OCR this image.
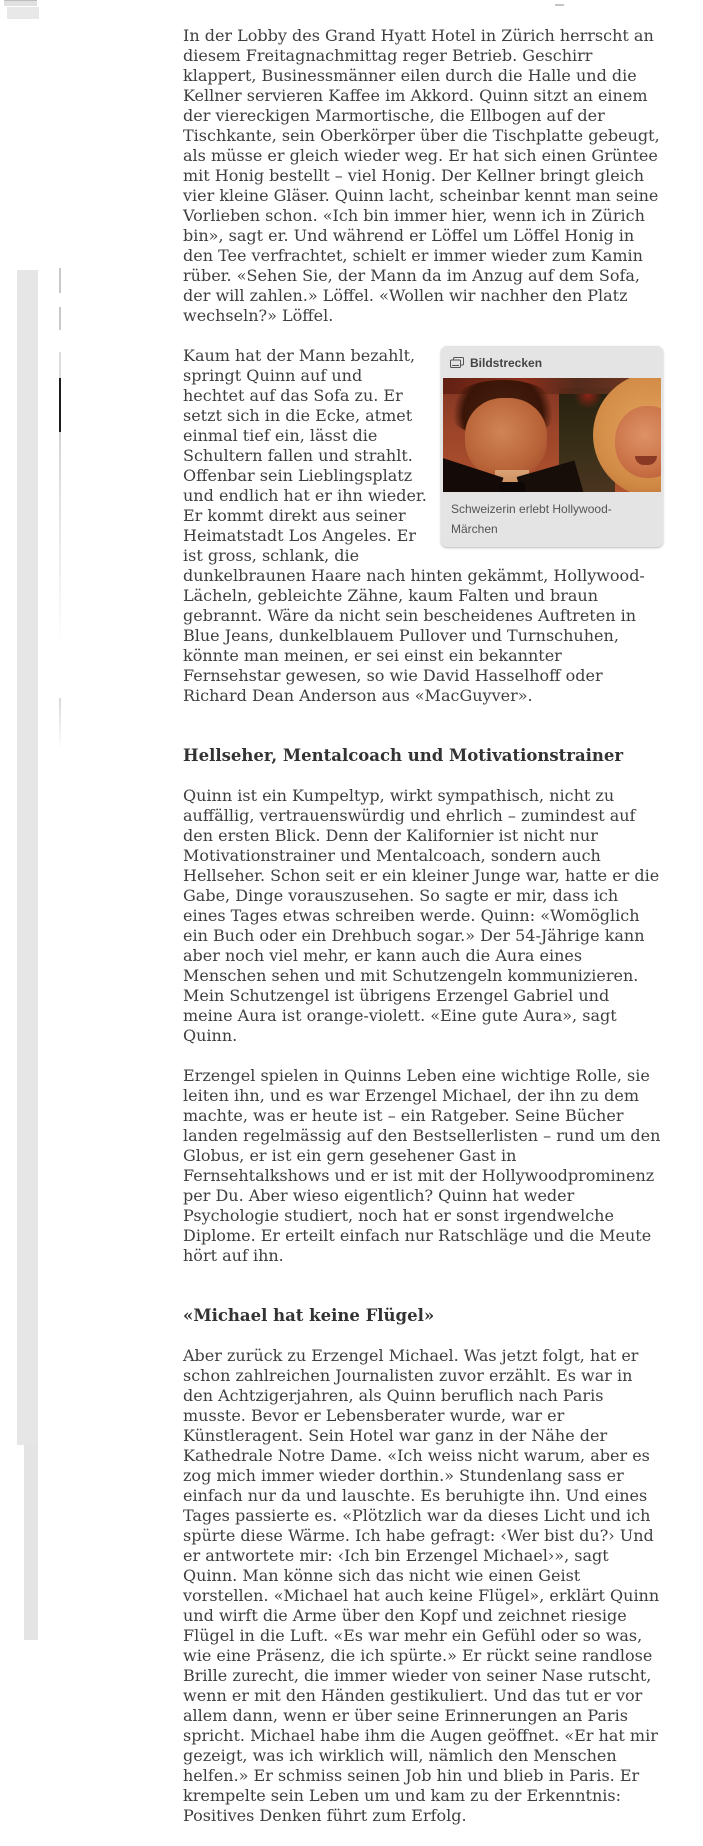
In der Lobby des Grand Hyatt Hotel in Zürich herrscht an diesem Freitagnachmittag reger Betrieb. Geschirr klappert, Businessmänner eilen durch die Halle und die Kellner servieren Kaffee im Akkord. Quinn sitzt an einem der viereckigen Marmortische, die Ellbogen auf der Tischkante, sein Oberkörper über die Tischplatte gebeugt, als müsse er gleich wieder weg. Er hat sich einen Grüntee mit Honig bestellt – viel Honig. Der Kellner bringt gleich vier kleine Gläser. Quinn lacht, scheinbar kennt man seine Vorlieben schon. «Ich bin immer hier, wenn ich in Zürich bin», sagt er. Und während er Löffel um Löffel Honig in den Tee verfrachtet, schielt er immer wieder zum Kamin rüber. «Sehen Sie, der Mann da im Anzug auf dem Sofa, der will zahlen.» Löffel. «Wollen wir nachher den Platz wechseln?» Löffel.
Bildstrecken
Schweizerin erlebt Hollywood-Märchen
Kaum hat der Mann bezahlt, springt Quinn auf und hechtet auf das Sofa zu. Er setzt sich in die Ecke, atmet einmal tief ein, lässt die Schultern fallen und strahlt. Offenbar sein Lieblingsplatz und endlich hat er ihn wieder. Er kommt direkt aus seiner Heimatstadt Los Angeles. Er ist gross, schlank, die dunkelbraunen Haare nach hinten gekämmt, Hollywood-Lächeln, gebleichte Zähne, kaum Falten und braun gebrannt. Wäre da nicht sein bescheidenes Auftreten in Blue Jeans, dunkelblauem Pullover und Turnschuhen, könnte man meinen, er sei einst ein bekannter Fernsehstar gewesen, so wie David Hasselhoff oder Richard Dean Anderson aus «MacGuyver».
Hellseher, Mentalcoach und Motivationstrainer
Quinn ist ein Kumpeltyp, wirkt sympathisch, nicht zu auffällig, vertrauenswürdig und ehrlich – zumindest auf den ersten Blick. Denn der Kalifornier ist nicht nur Motivationstrainer und Mentalcoach, sondern auch Hellseher. Schon seit er ein kleiner Junge war, hatte er die Gabe, Dinge vorauszusehen. So sagte er mir, dass ich eines Tages etwas schreiben werde. Quinn: «Womöglich ein Buch oder ein Drehbuch sogar.» Der 54-Jährige kann aber noch viel mehr, er kann auch die Aura eines Menschen sehen und mit Schutzengeln kommunizieren. Mein Schutzengel ist übrigens Erzengel Gabriel und meine Aura ist orange-violett. «Eine gute Aura», sagt Quinn.
Erzengel spielen in Quinns Leben eine wichtige Rolle, sie leiten ihn, und es war Erzengel Michael, der ihn zu dem machte, was er heute ist – ein Ratgeber. Seine Bücher landen regelmässig auf den Bestsellerlisten – rund um den Globus, er ist ein gern gesehener Gast in Fernsehtalkshows und er ist mit der Hollywoodprominenz per Du. Aber wieso eigentlich? Quinn hat weder Psychologie studiert, noch hat er sonst irgendwelche Diplome. Er erteilt einfach nur Ratschläge und die Meute hört auf ihn.
«Michael hat keine Flügel»
Aber zurück zu Erzengel Michael. Was jetzt folgt, hat er schon zahlreichen Journalisten zuvor erzählt. Es war in den Achtzigerjahren, als Quinn beruflich nach Paris musste. Bevor er Lebensberater wurde, war er Künstleragent. Sein Hotel war ganz in der Nähe der Kathedrale Notre Dame. «Ich weiss nicht warum, aber es zog mich immer wieder dorthin.» Stundenlang sass er einfach nur da und lauschte. Es beruhigte ihn. Und eines Tages passierte es. «Plötzlich war da dieses Licht und ich spürte diese Wärme. Ich habe gefragt: ‹Wer bist du?› Und er antwortete mir: ‹Ich bin Erzengel Michael›», sagt Quinn. Man könne sich das nicht wie einen Geist vorstellen. «Michael hat auch keine Flügel», erklärt Quinn und wirft die Arme über den Kopf und zeichnet riesige Flügel in die Luft. «Es war mehr ein Gefühl oder so was, wie eine Präsenz, die ich spürte.» Er rückt seine randlose Brille zurecht, die immer wieder von seiner Nase rutscht, wenn er mit den Händen gestikuliert. Und das tut er vor allem dann, wenn er über seine Erinnerungen an Paris spricht. Michael habe ihm die Augen geöffnet. «Er hat mir gezeigt, was ich wirklich will, nämlich den Menschen helfen.» Er schmiss seinen Job hin und blieb in Paris. Er krempelte sein Leben um und kam zu der Erkenntnis: Positives Denken führt zum Erfolg.
